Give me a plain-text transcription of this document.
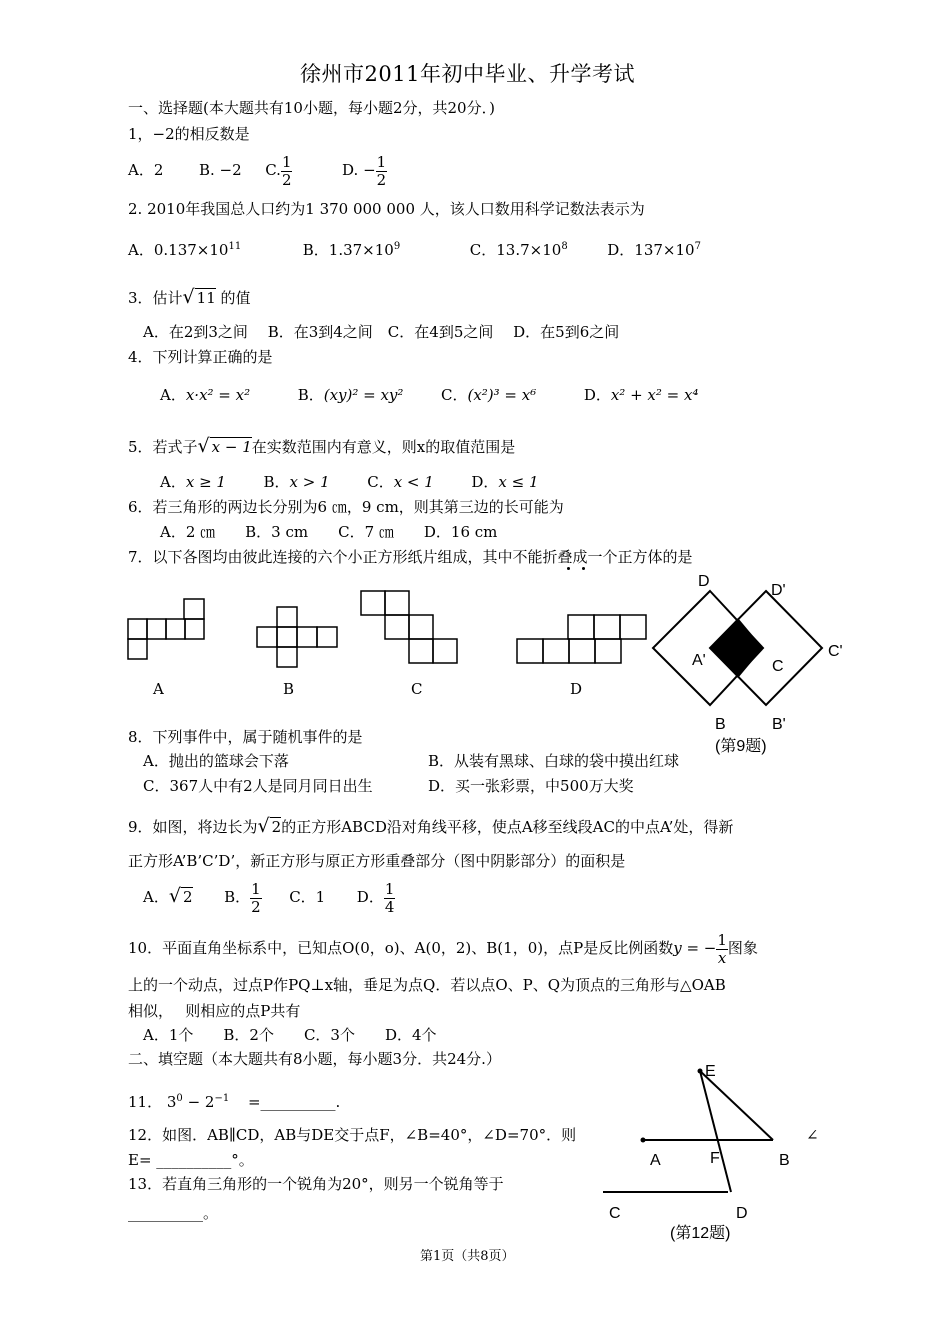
徐州市2011年初中毕业、升学考试
一、选择题(本大题共有10小题，每小题2分，共20分．)
1，−2的相反数是
A．2 B. −2 C. $\frac{1}{2}$	D. − $\frac{1}{2}$
2. 2010年我国总人口约为1 370 000 000 人，该人口数用科学记数法表示为
A．$0.137\times 10^{11}$	B．$1.37\times 10^9$	C．$13.7\times 10^8$	D．$137\times 10^7$
3．估计√ 11 的值
A．在2到3之间　 B．在3到4之间　C．在4到5之间　 D．在5到6之间
4．下列计算正确的是
A．x·x² = x²	B．(xy)² = xy²	C．(x²)³ = x⁶	D．x² + x² = x⁴
5．若式子√ x − 1在实数范围内有意义，则x的取值范围是
A．x ≥ 1	B．x > 1	C．x < 1	D．x ≤ 1
6．若三角形的两边长分别为6 ㎝，9 cm，则其第三边的长可能为
A．2 ㎝　　B．3 cm　　C．7 ㎝　　D．16 cm
7．以下各图均由彼此连接的六个小正方形纸片组成，其中不能折叠成一个正方体的是
A	B	C	D
D
D'
C'
A'	C
B	B'
(第9题)
8．下列事件中，属于随机事件的是
A．抛出的篮球会下落	B．从装有黑球、白球的袋中摸出红球
C．367人中有2人是同月同日出生	D．买一张彩票，中500万大奖
9．如图，将边长为√ 2的正方形ABCD沿对角线平移，使点A移至线段AC的中点A’处，得新
正方形A’B’C’D’，新正方形与原正方形重叠部分（图中阴影部分）的面积是
A．√ 2 B． $\frac{1}{2}$ C．1 D． $\frac{1}{4}$
10．平面直角坐标系中，已知点O(0，o)、A(0，2)、B(1，0)，点P是反比例函数y = − $\frac{1}{x}$ 图象
上的一个动点，过点P作PQ⊥x轴，垂足为点Q．若以点O、P、Q为顶点的三角形与△OAB
相似，　 则相应的点P共有
A．1个　　B．2个　　C．3个　　D．4个
二、填空题（本大题共有8小题，每小题3分．共24分.）
11． $3^0 - 2^{-1}$ =__________.
12．如图．AB∥CD，AB与DE交于点F，∠B=40°，∠D=70°．则	∠
E= __________°。
13．若直角三角形的一个锐角为20°，则另一个锐角等于
__________。
E
A	F	B
C	D
(第12题)
第1页（共8页）
